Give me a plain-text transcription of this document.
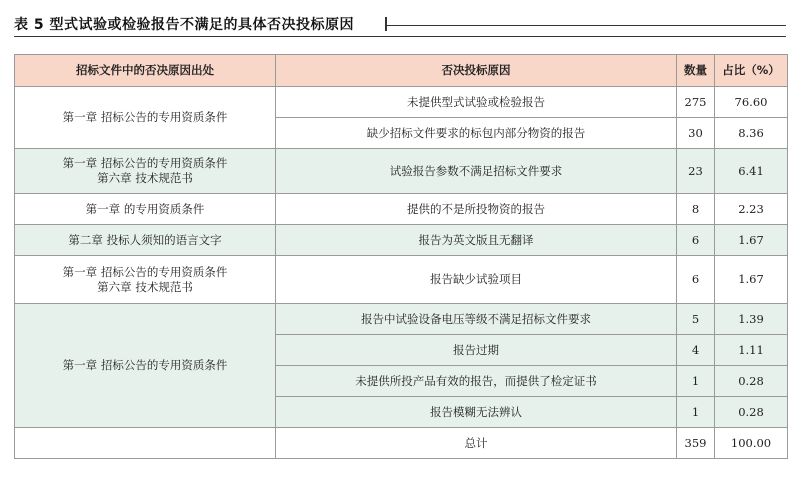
表 5 型式试验或检验报告不满足的具体否决投标原因
招标文件中的否决原因出处	否决投标原因	数量	占比（%）

第一章 招标公告的专用资质条件	未提供型式试验或检验报告	275	76.60
	缺少招标文件要求的标包内部分物资的报告	30	8.36

第一章 招标公告的专用资质条件
第六章 技术规范书	试验报告参数不满足招标文件要求	23	6.41

第一章 的专用资质条件	提供的不是所投物资的报告	8	2.23

第二章 投标人须知的语言文字	报告为英文版且无翻译	6	1.67

第一章 招标公告的专用资质条件
第六章 技术规范书	报告缺少试验项目	6	1.67

第一章 招标公告的专用资质条件	报告中试验设备电压等级不满足招标文件要求	5	1.39
	报告过期	4	1.11
	未提供所投产品有效的报告，而提供了检定证书	1	0.28
	报告模糊无法辨认	1	0.28
	总计	359	100.00
